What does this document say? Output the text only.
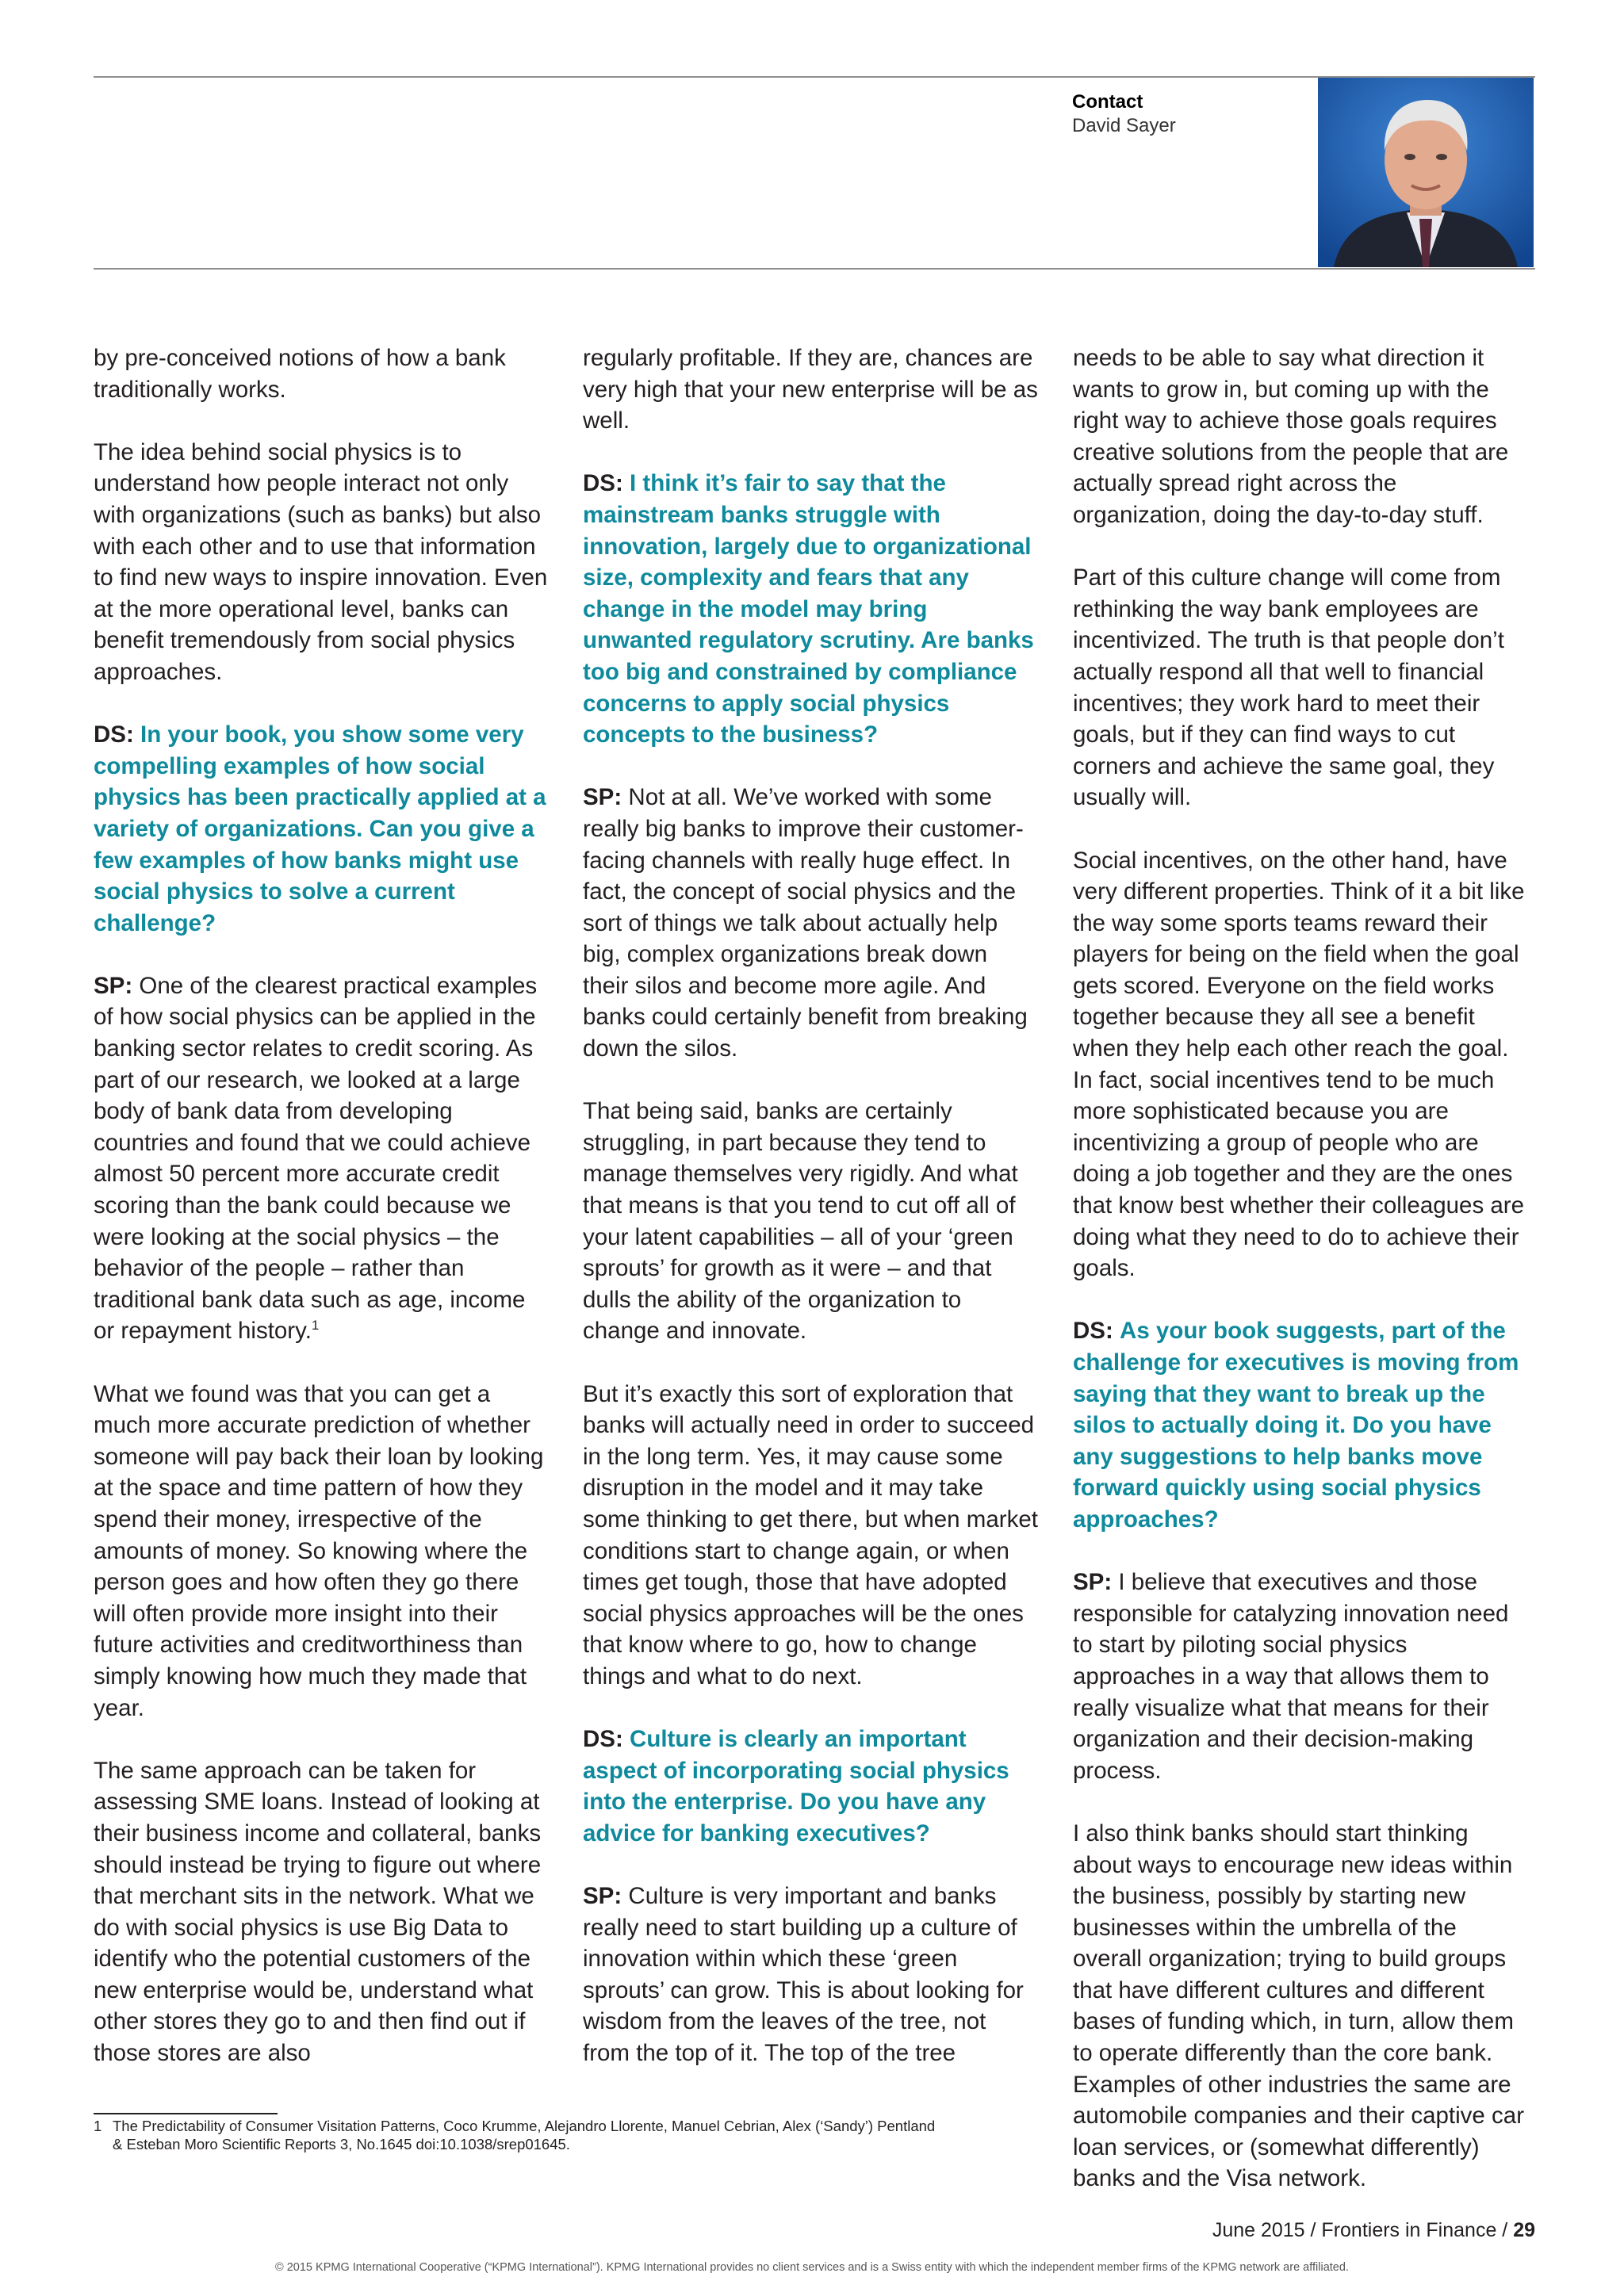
Contact
David Sayer

by pre-conceived notions of how a bank traditionally works.

The idea behind social physics is to understand how people interact not only with organizations (such as banks) but also with each other and to use that information to find new ways to inspire innovation. Even at the more operational level, banks can benefit tremendously from social physics approaches.

DS: In your book, you show some very compelling examples of how social physics has been practically applied at a variety of organizations. Can you give a few examples of how banks might use social physics to solve a current challenge?

SP: One of the clearest practical examples of how social physics can be applied in the banking sector relates to credit scoring. As part of our research, we looked at a large body of bank data from developing countries and found that we could achieve almost 50 percent more accurate credit scoring than the bank could because we were looking at the social physics – the behavior of the people – rather than traditional bank data such as age, income or repayment history.$^1$

What we found was that you can get a much more accurate prediction of whether someone will pay back their loan by looking at the space and time pattern of how they spend their money, irrespective of the amounts of money. So knowing where the person goes and how often they go there will often provide more insight into their future activities and creditworthiness than simply knowing how much they made that year.

The same approach can be taken for assessing SME loans. Instead of looking at their business income and collateral, banks should instead be trying to figure out where that merchant sits in the network. What we do with social physics is use Big Data to identify who the potential customers of the new enterprise would be, understand what other stores they go to and then find out if those stores are also

regularly profitable. If they are, chances are very high that your new enterprise will be as well.

DS: I think it’s fair to say that the mainstream banks struggle with innovation, largely due to organizational size, complexity and fears that any change in the model may bring unwanted regulatory scrutiny. Are banks too big and constrained by compliance concerns to apply social physics concepts to the business?

SP: Not at all. We’ve worked with some really big banks to improve their customer-facing channels with really huge effect. In fact, the concept of social physics and the sort of things we talk about actually help big, complex organizations break down their silos and become more agile. And banks could certainly benefit from breaking down the silos.

That being said, banks are certainly struggling, in part because they tend to manage themselves very rigidly. And what that means is that you tend to cut off all of your latent capabilities – all of your ‘green sprouts’ for growth as it were – and that dulls the ability of the organization to change and innovate.

But it’s exactly this sort of exploration that banks will actually need in order to succeed in the long term. Yes, it may cause some disruption in the model and it may take some thinking to get there, but when market conditions start to change again, or when times get tough, those that have adopted social physics approaches will be the ones that know where to go, how to change things and what to do next.

DS: Culture is clearly an important aspect of incorporating social physics into the enterprise. Do you have any advice for banking executives?

SP: Culture is very important and banks really need to start building up a culture of innovation within which these ‘green sprouts’ can grow. This is about looking for wisdom from the leaves of the tree, not from the top of it. The top of the tree

needs to be able to say what direction it wants to grow in, but coming up with the right way to achieve those goals requires creative solutions from the people that are actually spread right across the organization, doing the day-to-day stuff.

Part of this culture change will come from rethinking the way bank employees are incentivized. The truth is that people don’t actually respond all that well to financial incentives; they work hard to meet their goals, but if they can find ways to cut corners and achieve the same goal, they usually will.

Social incentives, on the other hand, have very different properties. Think of it a bit like the way some sports teams reward their players for being on the field when the goal gets scored. Everyone on the field works together because they all see a benefit when they help each other reach the goal. In fact, social incentives tend to be much more sophisticated because you are incentivizing a group of people who are doing a job together and they are the ones that know best whether their colleagues are doing what they need to do to achieve their goals.

DS: As your book suggests, part of the challenge for executives is moving from saying that they want to break up the silos to actually doing it. Do you have any suggestions to help banks move forward quickly using social physics approaches?

SP: I believe that executives and those responsible for catalyzing innovation need to start by piloting social physics approaches in a way that allows them to really visualize what that means for their organization and their decision-making process.

I also think banks should start thinking about ways to encourage new ideas within the business, possibly by starting new businesses within the umbrella of the overall organization; trying to build groups that have different cultures and different bases of funding which, in turn, allow them to operate differently than the core bank. Examples of other industries the same are automobile companies and their captive car loan services, or (somewhat differently) banks and the Visa network.

1 The Predictability of Consumer Visitation Patterns, Coco Krumme, Alejandro Llorente, Manuel Cebrian, Alex (‘Sandy’) Pentland
& Esteban Moro Scientific Reports 3, No.1645 doi:10.1038/srep01645.
June 2015 / Frontiers in Finance / 29
© 2015 KPMG International Cooperative (“KPMG International”). KPMG International provides no client services and is a Swiss entity with which the independent member firms of the KPMG network are affiliated.
